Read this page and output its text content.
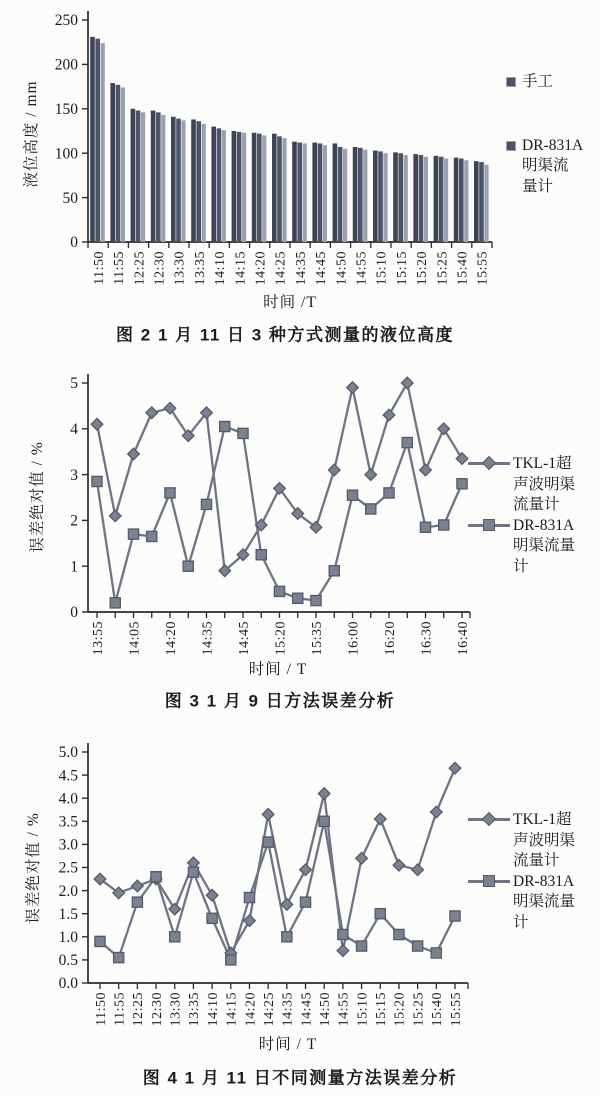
0
50
100
150
200
250
11:50 11:55 12:25 12:30 13:30 13:35 14:10 14:15 14:20 14:25 14:35 14:45 14:50 14:55 15:10 15:15 15:20 15:25 15:40 15:55
液位高度 / mm	手工
DR-831A
明渠流
量计
时间 /T
图 2 1 月 11 日 3 种方式测量的液位高度
0
1
2
3
4
5
13:55 14:05 14:20 14:35 14:45 15:20 15:35 16:00 16:20 16:30 16:40
误差绝对值 / %	TKL-1超
声波明渠
流量计
DR-831A
明渠流量
计
时间 / T
图 3 1 月 9 日方法误差分析
0.0
0.5
1.0
1.5
2.0
2.5
3.0
3.5
4.0
4.5
5.0
11:50 11:55 12:25 12:30 13:30 13:35 14:10 14:15 14:20 14:25 14:35 14:45 14:50 14:55 15:10 15:15 15:20 15:25 15:40 15:55
误差绝对值 / %	TKL-1超
声波明渠
流量计
DR-831A
明渠流量
计
时间 / T
图 4 1 月 11 日不同测量方法误差分析
